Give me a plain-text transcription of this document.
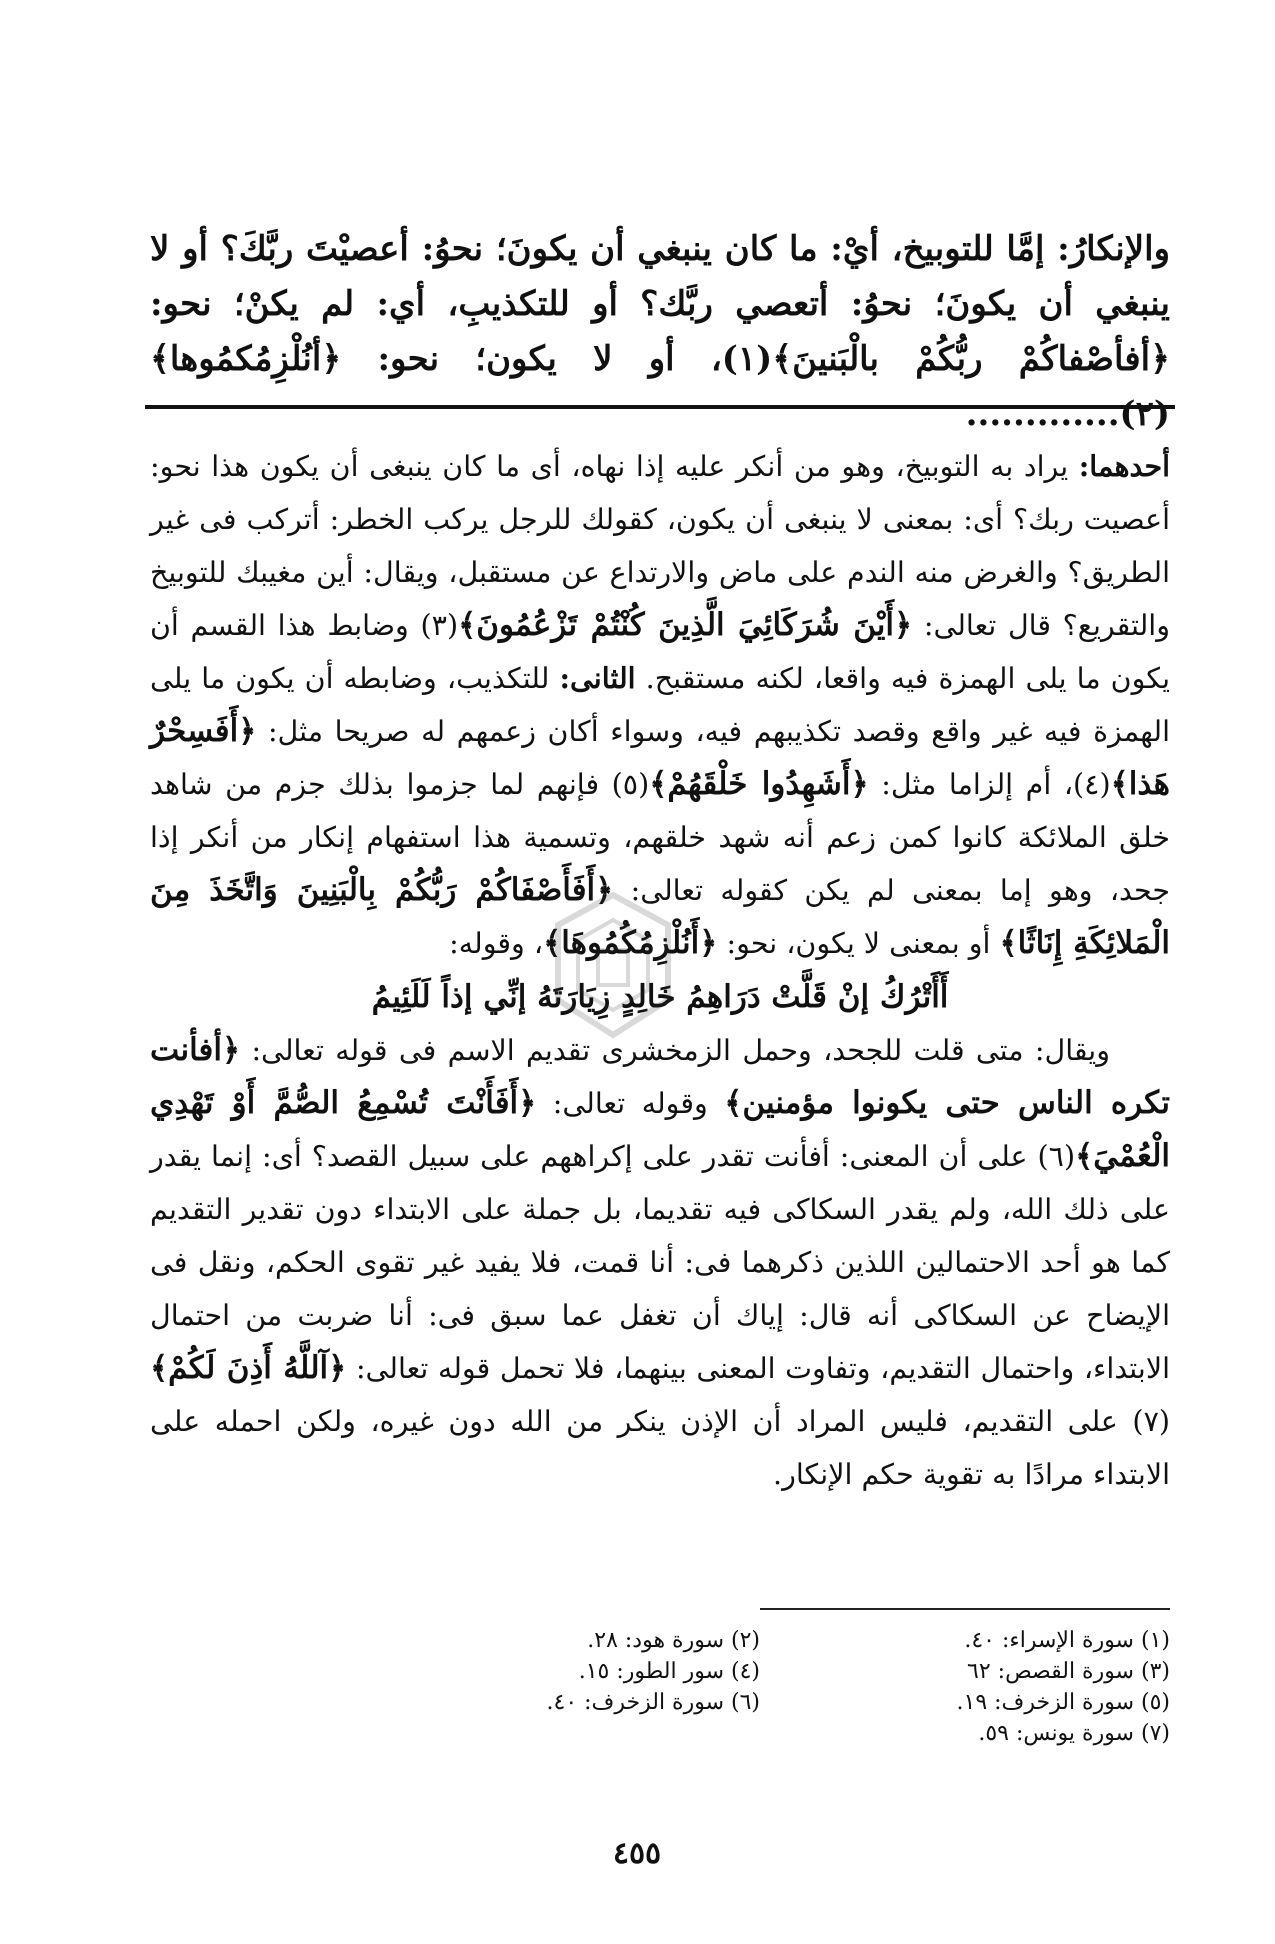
والإنكارُ: إمَّا للتوبيخ، أيْ: ما كان ينبغي أن يكونَ؛ نحوُ: أعصيْتَ ربَّكَ؟ أو لا ينبغي أن يكونَ؛ نحوُ: أتعصي ربَّك؟ أو للتكذيبِ، أي: لم يكنْ؛ نحو: ﴿أفأصْفاكُمْ ربُّكُمْ بالْبَنينَ﴾(١)، أو لا يكون؛ نحو: ﴿أنُلْزِمُكمُوها﴾(٢).............

أحدهما: يراد به التوبيخ، وهو من أنكر عليه إذا نهاه، أى ما كان ينبغى أن يكون هذا نحو: أعصيت ربك؟ أى: بمعنى لا ينبغى أن يكون، كقولك للرجل يركب الخطر: أتركب فى غير الطريق؟ والغرض منه الندم على ماض والارتداع عن مستقبل، ويقال: أين مغيبك للتوبيخ والتقريع؟ قال تعالى: ﴿أَيْنَ شُرَكَائِيَ الَّذِينَ كُنْتُمْ تَزْعُمُونَ﴾(٣) وضابط هذا القسم أن يكون ما يلى الهمزة فيه واقعا، لكنه مستقبح. الثانى: للتكذيب، وضابطه أن يكون ما يلى الهمزة فيه غير واقع وقصد تكذيبهم فيه، وسواء أكان زعمهم له صريحا مثل: ﴿أَفَسِحْرٌ هَذا﴾(٤)، أم إلزاما مثل: ﴿أَشَهِدُوا خَلْقَهُمْ﴾(٥) فإنهم لما جزموا بذلك جزم من شاهد خلق الملائكة كانوا كمن زعم أنه شهد خلقهم، وتسمية هذا استفهام إنكار من أنكر إذا جحد، وهو إما بمعنى لم يكن كقوله تعالى: ﴿أَفَأَصْفَاكُمْ رَبُّكُمْ بِالْبَنِينَ وَاتَّخَذَ مِنَ الْمَلائِكَةِ إِنَاثًا﴾ أو بمعنى لا يكون، نحو: ﴿أَنُلْزِمُكُمُوهَا﴾، وقوله:

أَأَتْرُكُ إنْ قَلَّتْ دَرَاهِمُ خَالِدٍ زِيَارَتَهُ إنِّي إذاً لَلَئِيمُ

ويقال: متى قلت للجحد، وحمل الزمخشرى تقديم الاسم فى قوله تعالى: ﴿أفأنت تكره الناس حتى يكونوا مؤمنين﴾ وقوله تعالى: ﴿أَفَأَنْتَ تُسْمِعُ الصُّمَّ أَوْ تَهْدِي الْعُمْيَ﴾(٦) على أن المعنى: أفأنت تقدر على إكراههم على سبيل القصد؟ أى: إنما يقدر على ذلك الله، ولم يقدر السكاكى فيه تقديما، بل جملة على الابتداء دون تقدير التقديم كما هو أحد الاحتمالين اللذين ذكرهما فى: أنا قمت، فلا يفيد غير تقوى الحكم، ونقل فى الإيضاح عن السكاكى أنه قال: إياك أن تغفل عما سبق فى: أنا ضربت من احتمال الابتداء، واحتمال التقديم، وتفاوت المعنى بينهما، فلا تحمل قوله تعالى: ﴿آللَّهُ أَذِنَ لَكُمْ﴾(٧) على التقديم، فليس المراد أن الإذن ينكر من الله دون غيره، ولكن احمله على الابتداء مرادًا به تقوية حكم الإنكار.

(١) سورة الإسراء: ٤٠.
(٢) سورة هود: ٢٨.
(٣) سورة القصص: ٦٢
(٤) سور الطور: ١٥.
(٥) سورة الزخرف: ١٩.
(٦) سورة الزخرف: ٤٠.
(٧) سورة يونس: ٥٩.
٤٥٥
